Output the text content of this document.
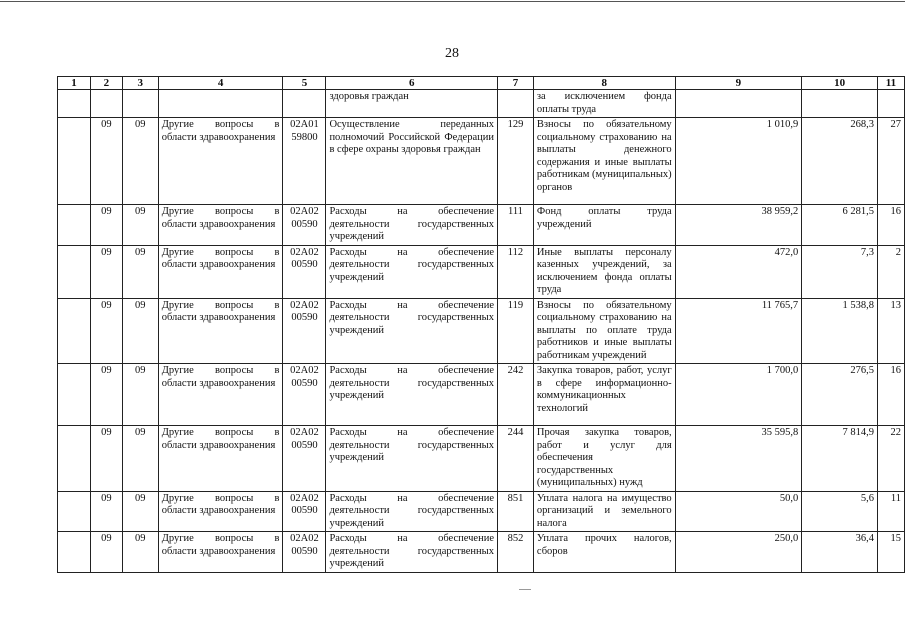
28
1	2	3	4	5	6	7	8	9	10	11
					здоровья граждан		за исключением фонда оплаты труда			
	09	09	Другие вопросы в области здравоохранения	02А01 59800	Осуществление переданных полномочий Российской Федерации в сфере охраны здоровья граждан	129	Взносы по обязательному социальному страхованию на выплаты денежного содержания и иные выплаты работникам (муниципальных) органов	1 010,9	268,3	27
	09	09	Другие вопросы в области здравоохранения	02А02 00590	Расходы на обеспечение деятельности государственных учреждений	111	Фонд оплаты труда учреждений	38 959,2	6 281,5	16
	09	09	Другие вопросы в области здравоохранения	02А02 00590	Расходы на обеспечение деятельности государственных учреждений	112	Иные выплаты персоналу казенных учреждений, за исключением фонда оплаты труда	472,0	7,3	2
	09	09	Другие вопросы в области здравоохранения	02А02 00590	Расходы на обеспечение деятельности государственных учреждений	119	Взносы по обязательному социальному страхованию на выплаты по оплате труда работников и иные выплаты работникам учреждений	11 765,7	1 538,8	13
	09	09	Другие вопросы в области здравоохранения	02А02 00590	Расходы на обеспечение деятельности государственных учреждений	242	Закупка товаров, работ, услуг в сфере информационно-коммуникационных технологий	1 700,0	276,5	16
	09	09	Другие вопросы в области здравоохранения	02А02 00590	Расходы на обеспечение деятельности государственных учреждений	244	Прочая закупка товаров, работ и услуг для обеспечения государственных (муниципальных) нужд	35 595,8	7 814,9	22
	09	09	Другие вопросы в области здравоохранения	02А02 00590	Расходы на обеспечение деятельности государственных учреждений	851	Уплата налога на имущество организаций и земельного налога	50,0	5,6	11
	09	09	Другие вопросы в области здравоохранения	02А02 00590	Расходы на обеспечение деятельности государственных учреждений	852	Уплата прочих налогов, сборов	250,0	36,4	15
